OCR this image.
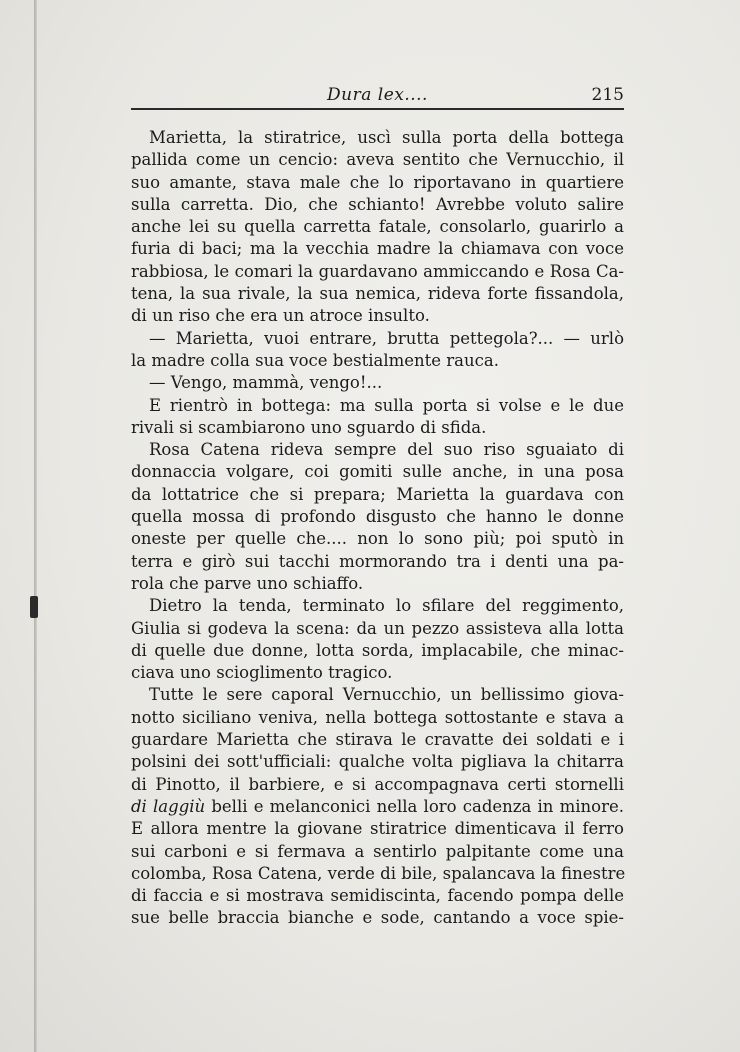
Dura lex....	215
Marietta, la stiratrice, uscì sulla porta della bottega
pallida come un cencio: aveva sentito che Vernucchio, il
suo amante, stava male che lo riportavano in quartiere
sulla carretta. Dio, che schianto! Avrebbe voluto salire
anche lei su quella carretta fatale, consolarlo, guarirlo a
furia di baci; ma la vecchia madre la chiamava con voce
rabbiosa, le comari la guardavano ammiccando e Rosa Ca-
tena, la sua rivale, la sua nemica, rideva forte fissandola,
di un riso che era un atroce insulto.
— Marietta, vuoi entrare, brutta pettegola?... — urlò
la madre colla sua voce bestialmente rauca.
— Vengo, mammà, vengo!...
E rientrò in bottega: ma sulla porta si volse e le due
rivali si scambiarono uno sguardo di sfida.
Rosa Catena rideva sempre del suo riso sguaiato di
donnaccia volgare, coi gomiti sulle anche, in una posa
da lottatrice che si prepara; Marietta la guardava con
quella mossa di profondo disgusto che hanno le donne
oneste per quelle che.... non lo sono più; poi sputò in
terra e girò sui tacchi mormorando tra i denti una pa-
rola che parve uno schiaffo.
Dietro la tenda, terminato lo sfilare del reggimento,
Giulia si godeva la scena: da un pezzo assisteva alla lotta
di quelle due donne, lotta sorda, implacabile, che minac-
ciava uno scioglimento tragico.
Tutte le sere caporal Vernucchio, un bellissimo giova-
notto siciliano veniva, nella bottega sottostante e stava a
guardare Marietta che stirava le cravatte dei soldati e i
polsini dei sott'ufficiali: qualche volta pigliava la chitarra
di Pinotto, il barbiere, e si accompagnava certi stornelli
di laggiù belli e melanconici nella loro cadenza in minore.
E allora mentre la giovane stiratrice dimenticava il ferro
sui carboni e si fermava a sentirlo palpitante come una
colomba, Rosa Catena, verde di bile, spalancava la finestre
di faccia e si mostrava semidiscinta, facendo pompa delle
sue belle braccia bianche e sode, cantando a voce spie-
